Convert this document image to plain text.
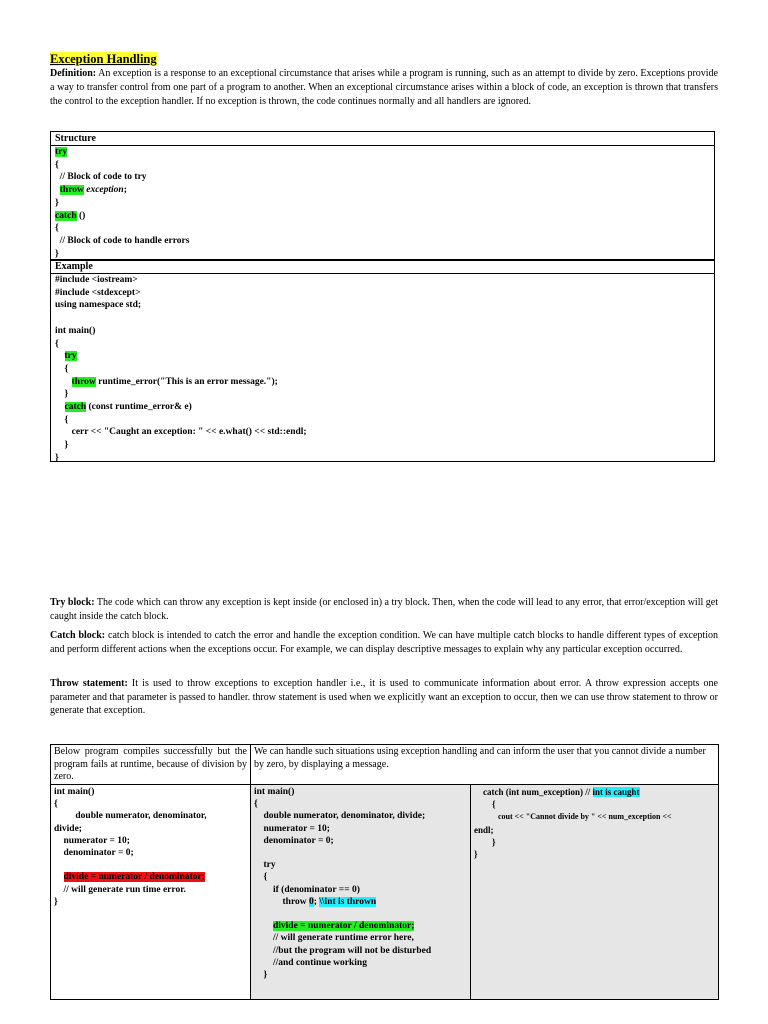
Exception Handling
Definition: An exception is a response to an exceptional circumstance that arises while a program is running, such as an attempt to divide by zero. Exceptions provide a way to transfer control from one part of a program to another. When an exceptional circumstance arises within a block of code, an exception is thrown that transfers the control to the exception handler. If no exception is thrown, the code continues normally and all handlers are ignored.
Structure
try
{
// Block of code to try
throw exception;
}
catch ()
{
// Block of code to handle errors
}
Example
#include <iostream>
#include <stdexcept>
using namespace std;

int main()
{
try
{
throw runtime_error("This is an error message.");
}
catch (const runtime_error& e)
{
cerr << "Caught an exception: " << e.what() << std::endl;
}
}
Try block: The code which can throw any exception is kept inside (or enclosed in) a try block. Then, when the code will lead to any error, that error/exception will get caught inside the catch block.
Catch block: catch block is intended to catch the error and handle the exception condition. We can have multiple catch blocks to handle different types of exception and perform different actions when the exceptions occur. For example, we can display descriptive messages to explain why any particular exception occurred.
Throw statement: It is used to throw exceptions to exception handler i.e., it is used to communicate information about error. A throw expression accepts one parameter and that parameter is passed to handler. throw statement is used when we explicitly want an exception to occur, then we can use throw statement to throw or generate that exception.
Below program compiles successfully but the program fails at runtime, because of division by zero.
We can handle such situations using exception handling and can inform the user that you cannot divide a number by zero, by displaying a message.
int main()
{
double numerator, denominator,
divide;
numerator = 10;
denominator = 0;

divide = numerator / denominator;
// will generate run time error.
}
int main()
{
double numerator, denominator, divide;
numerator = 10;
denominator = 0;

try
{
if (denominator == 0)
throw 0; \\int is thrown

divide = numerator / denominator;
// will generate runtime error here,
//but the program will not be disturbed
//and continue working
}
catch (int num_exception) // int is caught
{
cout << "Cannot divide by " << num_exception <<
endl;
}
}
